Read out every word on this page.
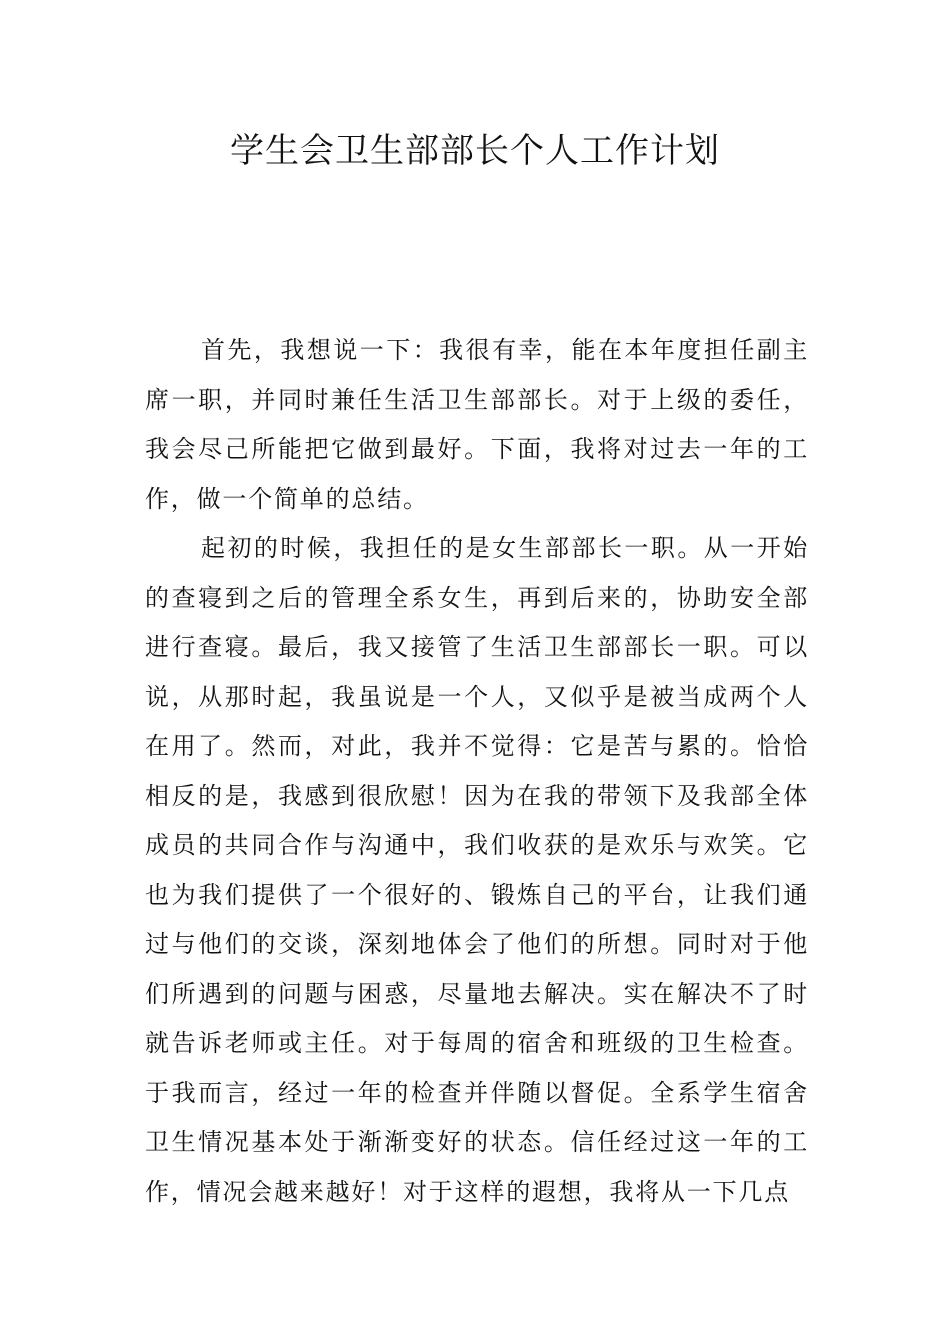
学生会卫生部部长个人工作计划

首先，我想说一下：我很有幸，能在本年度担任副主席一职，并同时兼任生活卫生部部长。对于上级的委任，我会尽己所能把它做到最好。下面，我将对过去一年的工作，做一个简单的总结。

起初的时候，我担任的是女生部部长一职。从一开始的查寝到之后的管理全系女生，再到后来的，协助安全部进行查寝。最后，我又接管了生活卫生部部长一职。可以说，从那时起，我虽说是一个人，又似乎是被当成两个人在用了。然而，对此，我并不觉得：它是苦与累的。恰恰相反的是，我感到很欣慰！因为在我的带领下及我部全体成员的共同合作与沟通中，我们收获的是欢乐与欢笑。它也为我们提供了一个很好的、锻炼自己的平台，让我们通过与他们的交谈，深刻地体会了他们的所想。同时对于他们所遇到的问题与困惑，尽量地去解决。实在解决不了时就告诉老师或主任。对于每周的宿舍和班级的卫生检查。于我而言，经过一年的检查并伴随以督促。全系学生宿舍卫生情况基本处于渐渐变好的状态。信任经过这一年的工作，情况会越来越好！对于这样的遐想，我将从一下几点
